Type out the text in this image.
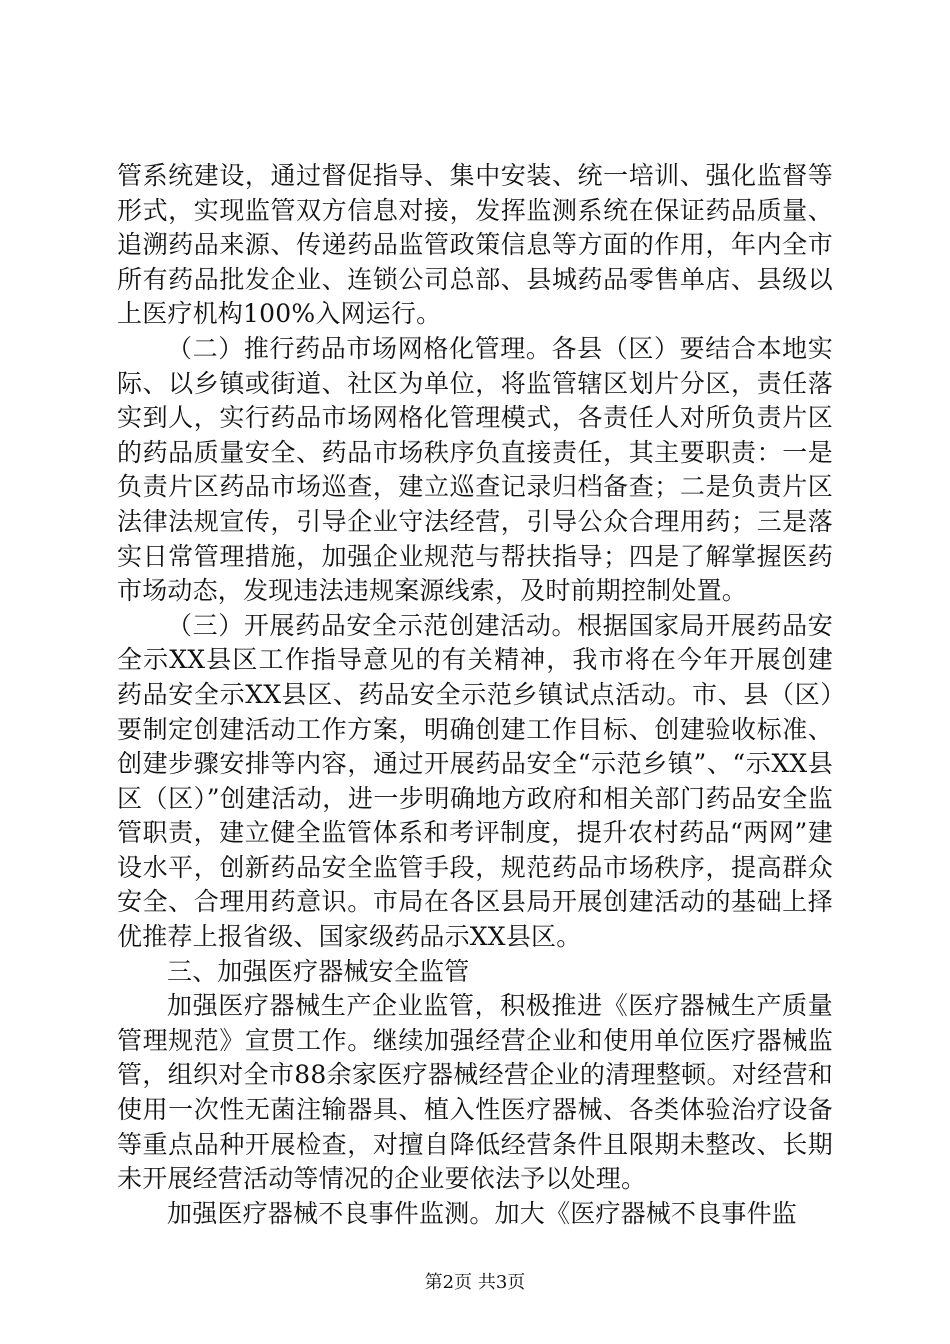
管系统建设，通过督促指导、集中安装、统一培训、强化监督等形式，实现监管双方信息对接，发挥监测系统在保证药品质量、追溯药品来源、传递药品监管政策信息等方面的作用，年内全市所有药品批发企业、连锁公司总部、县城药品零售单店、县级以上医疗机构100%入网运行。

（二）推行药品市场网格化管理。各县（区）要结合本地实际、以乡镇或街道、社区为单位，将监管辖区划片分区，责任落实到人，实行药品市场网格化管理模式，各责任人对所负责片区的药品质量安全、药品市场秩序负直接责任，其主要职责：一是负责片区药品市场巡查，建立巡查记录归档备查；二是负责片区法律法规宣传，引导企业守法经营，引导公众合理用药；三是落实日常管理措施，加强企业规范与帮扶指导；四是了解掌握医药市场动态，发现违法违规案源线索，及时前期控制处置。

（三）开展药品安全示范创建活动。根据国家局开展药品安全示XX县区工作指导意见的有关精神，我市将在今年开展创建药品安全示XX县区、药品安全示范乡镇试点活动。市、县（区）要制定创建活动工作方案，明确创建工作目标、创建验收标准、创建步骤安排等内容，通过开展药品安全“示范乡镇”、“示XX县区（区）”创建活动，进一步明确地方政府和相关部门药品安全监管职责，建立健全监管体系和考评制度，提升农村药品“两网”建设水平，创新药品安全监管手段，规范药品市场秩序，提高群众安全、合理用药意识。市局在各区县局开展创建活动的基础上择优推荐上报省级、国家级药品示XX县区。

三、加强医疗器械安全监管

加强医疗器械生产企业监管，积极推进《医疗器械生产质量管理规范》宣贯工作。继续加强经营企业和使用单位医疗器械监管，组织对全市88余家医疗器械经营企业的清理整顿。对经营和使用一次性无菌注输器具、植入性医疗器械、各类体验治疗设备等重点品种开展检查，对擅自降低经营条件且限期未整改、长期未开展经营活动等情况的企业要依法予以处理。

加强医疗器械不良事件监测。加大《医疗器械不良事件监

第2页 共3页
